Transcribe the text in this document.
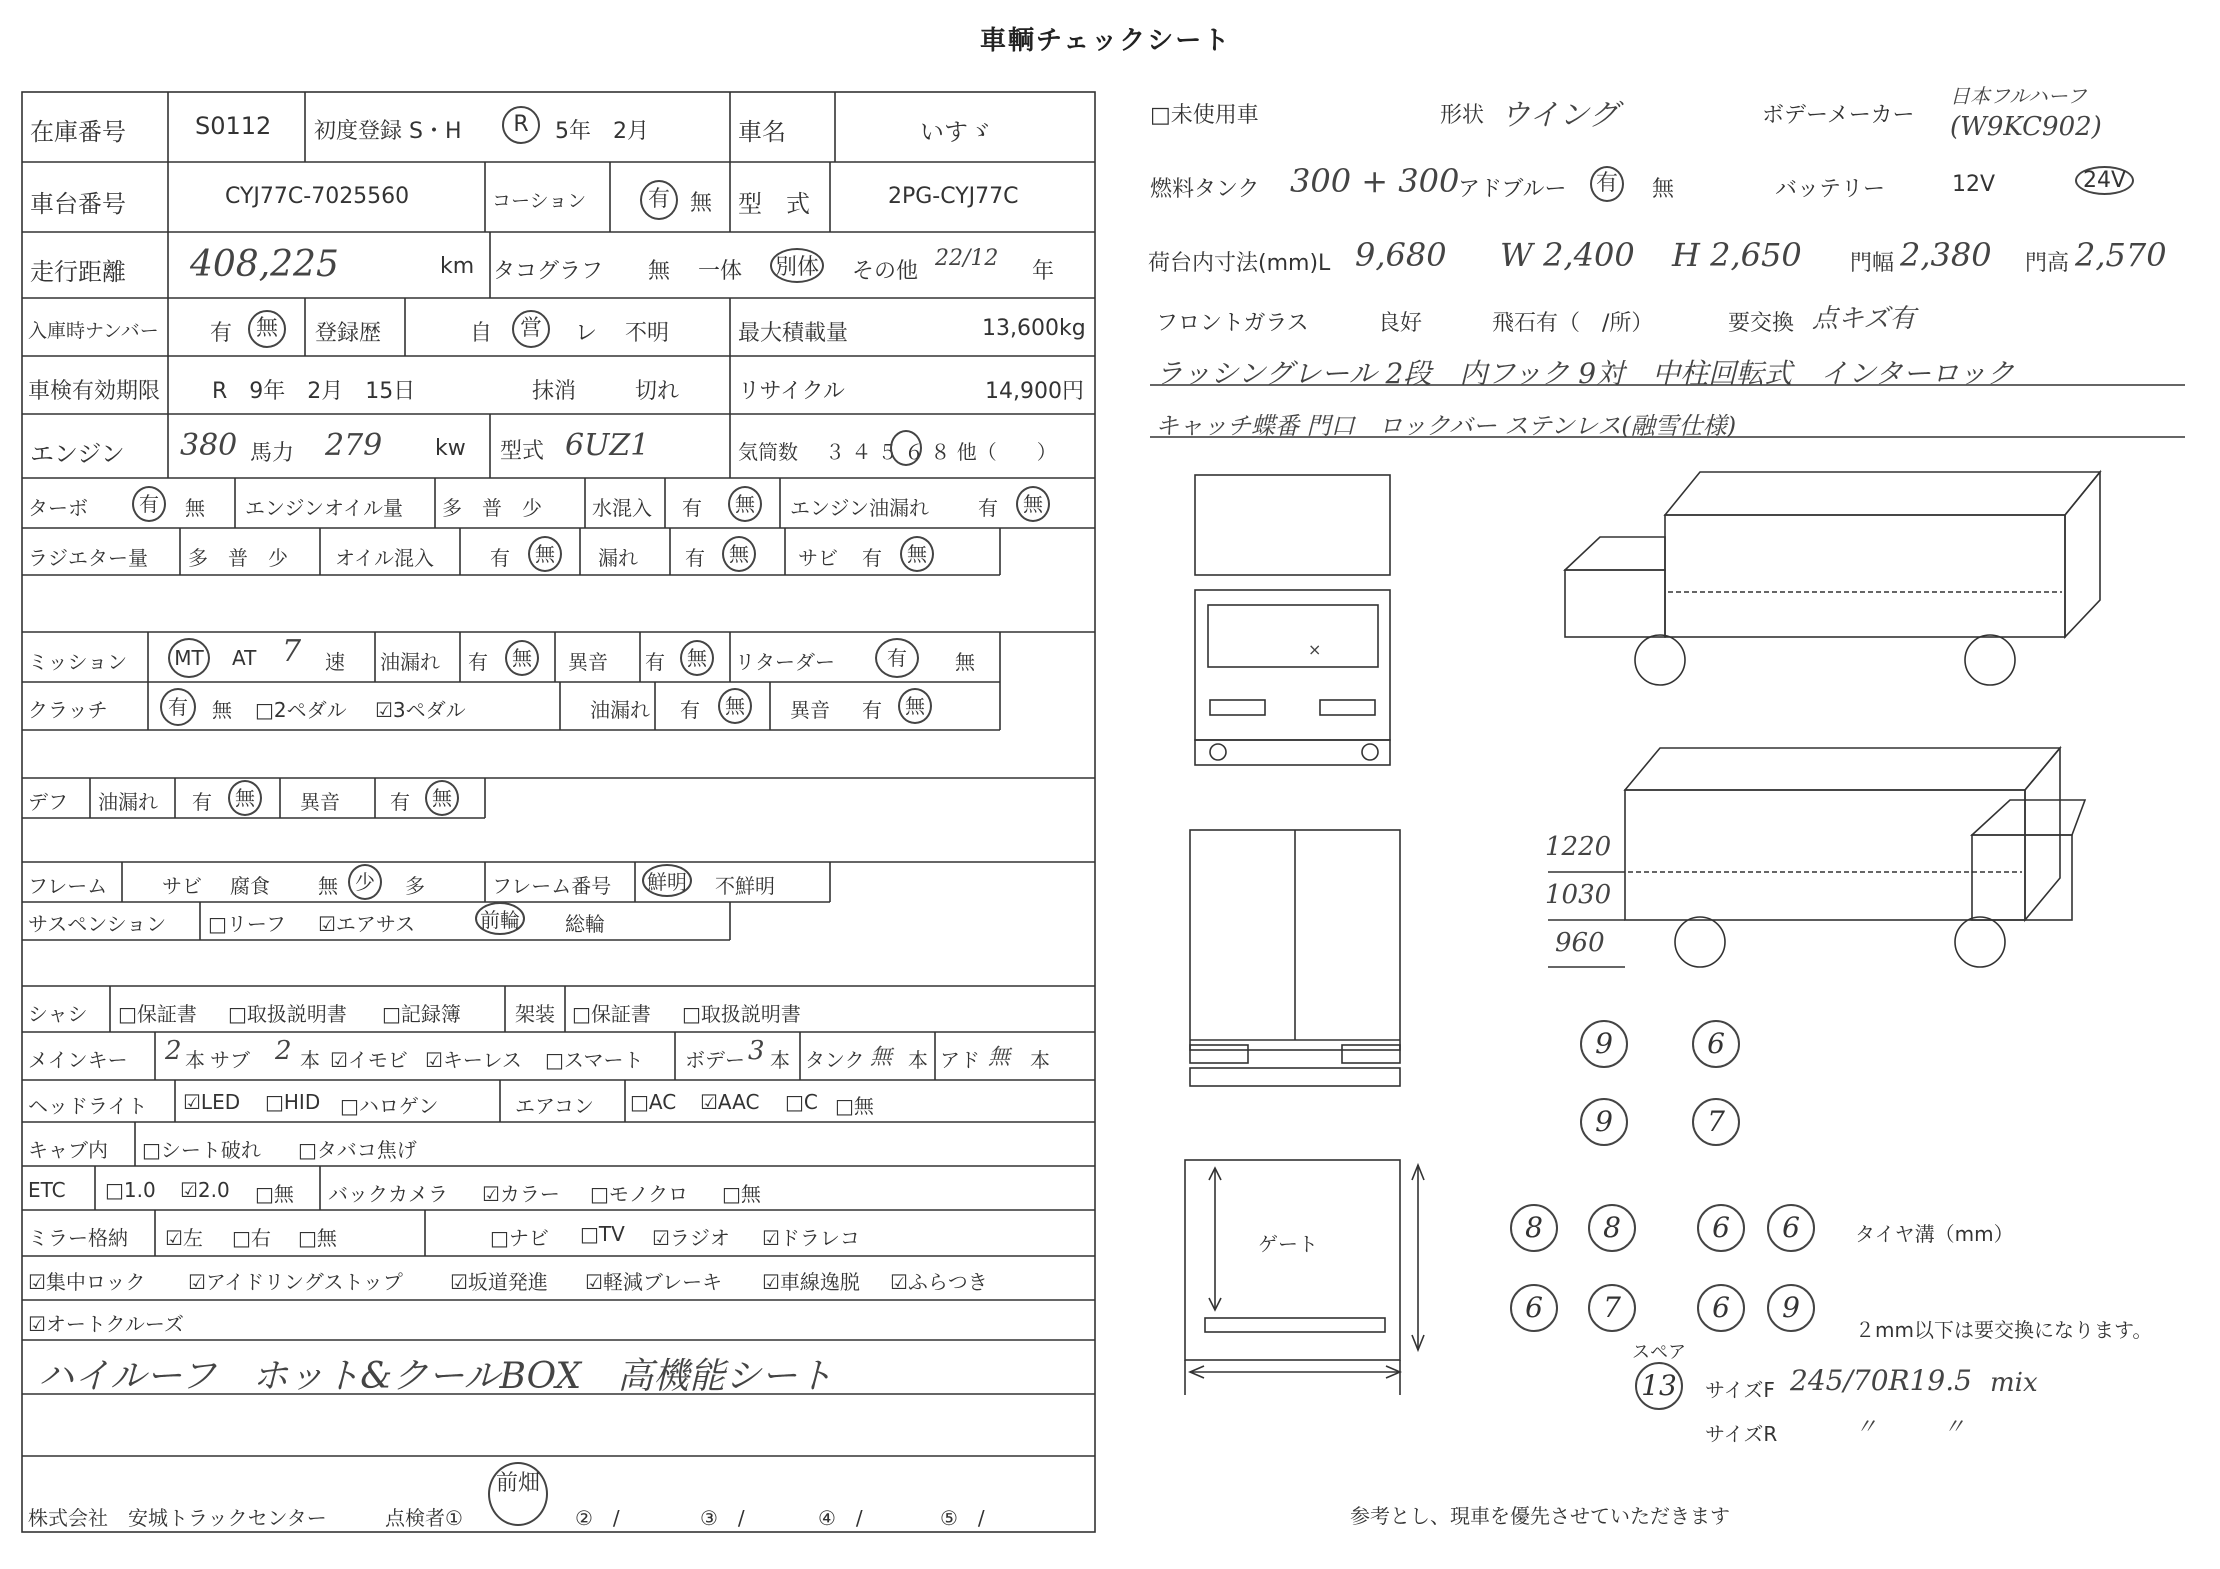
車輌チェックシート
在庫番号	S0112 初度登録 S・H	R	5年　2月	車名	いすゞ
車台番号	CYJ77C-7025560	コーション	有 無 型　式	2PG-CYJ77C
走行距離 408,225	km タコグラフ 無 一体 別体 その他
22/12
年
入庫時ナンバー 有	無	登録歴	自	営	レ 不明	最大積載量	13,600kg
車検有効期限 R　9年　2月　15日	抹消	切れ	リサイクル	14,900円
エンジン 380 馬力 279 kw 型式 6UZ1	気筒数 ３ ４ ５ ６ ８ 他（　　）
ターボ	有	無 エンジンオイル量 多　普　少	水混入 有	無	エンジン油漏れ 有	無
ラジエター量 多　普　少 オイル混入	有	無	漏れ 有	無	サビ 有	無
ミッション	MT	AT 7 速 油漏れ 有	無	異音 有	無	リターダー	有	無
クラッチ	有	無 □2ペダル ☑3ペダル	油漏れ 有	無	異音 有	無
デフ 油漏れ 有	無	異音	有	無
フレーム	サビ 腐食 無 少	多	フレーム番号 鮮明 不鮮明
サスペンション □リーフ ☑エアサス	前輪 総輪
シャシ □保証書 □取扱説明書 □記録簿	架装 □保証書 □取扱説明書
メインキー 2 本 サブ 2 本 ☑イモビ ☑キーレス □スマート ボデー 3 本 タンク 無 本 アド 無 本
ヘッドライト ☑LED □HID □ハロゲン	エアコン □AC ☑AAC □C □無
キャブ内 □シート破れ □タバコ焦げ
ETC □1.0 ☑2.0 □無 バックカメラ ☑カラー □モノクロ □無
ミラー格納 ☑左 □右 □無	□ナビ □TV ☑ラジオ ☑ドラレコ
☑集中ロック ☑アイドリングストップ ☑坂道発進 ☑軽減ブレーキ ☑車線逸脱 ☑ふらつき
☑オートクルーズ
ハイルーフ　ホット&クールBOX　高機能シート
株式会社　安城トラックセンター	点検者①
前畑
②　/	③　/	④　/	⑤　/
□未使用車	形状 ウイング	ボデーメーカー
日本フルハーフ
(W9KC902)
燃料タンク 300 + 300
アドブルー 有 無	バッテリー	12V	24V
荷台内寸法(mm)L 9,680 W 2,400 H 2,650 門幅 2,380 門高 2,570
フロントガラス	良好	飛石有（　/所）	要交換 点キズ有
ラッシングレール 2段　内フック 9対　中柱回転式　インターロック
キャッチ蝶番 門口　ロックバー ステンレス(融雪仕様)
×
ゲート
1220
1030
960
9	6
9	7
8	8	6	6
6	7	6	9
13
タイヤ溝（mm）
２mm以下は要交換になります。
スペア
サイズF 245/70R19.5 mix
サイズR	〃　　　〃
参考とし、現車を優先させていただきます
